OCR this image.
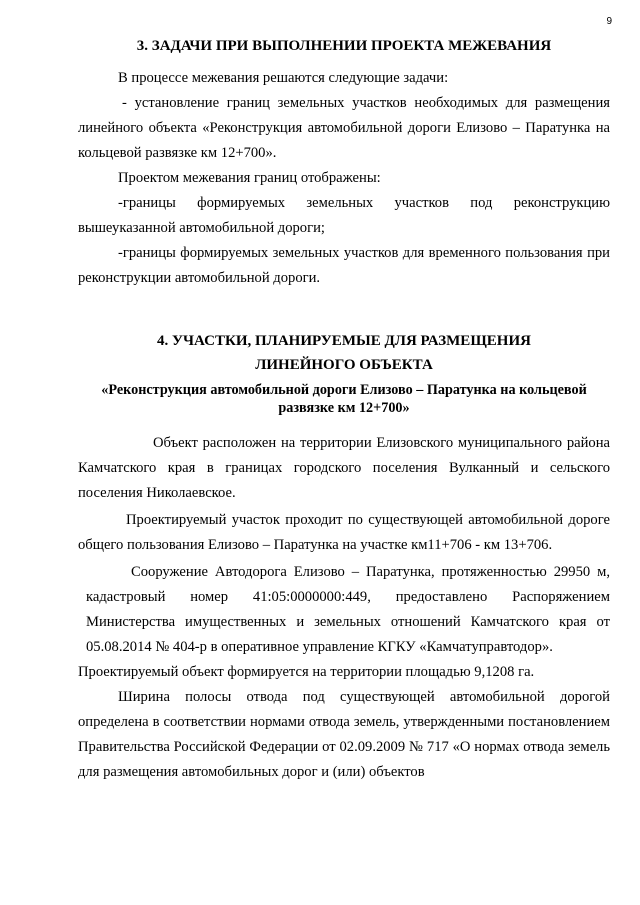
9
3. ЗАДАЧИ ПРИ ВЫПОЛНЕНИИ ПРОЕКТА МЕЖЕВАНИЯ

В процессе межевания решаются следующие задачи:

- установление границ земельных участков необходимых для размещения линейного объекта «Реконструкция автомобильной дороги Елизово – Паратунка на кольцевой развязке км 12+700».

Проектом межевания границ отображены:

-границы формируемых земельных участков под реконструкцию вышеуказанной автомобильной дороги;

-границы формируемых земельных участков для временного пользования при реконструкции автомобильной дороги.

4. УЧАСТКИ, ПЛАНИРУЕМЫЕ ДЛЯ РАЗМЕЩЕНИЯ
ЛИНЕЙНОГО ОБЪЕКТА
«Реконструкция автомобильной дороги Елизово – Паратунка на кольцевой развязке км 12+700»

Объект расположен на территории Елизовского муниципального района Камчатского края в границах городского поселения Вулканный и сельского поселения Николаевское.

Проектируемый участок проходит по существующей автомобильной дороге общего пользования Елизово – Паратунка на участке км11+706 - км 13+706.

Сооружение Автодорога Елизово – Паратунка, протяженностью 29950 м, кадастровый номер 41:05:0000000:449, предоставлено Распоряжением Министерства имущественных и земельных отношений Камчатского края от 05.08.2014 № 404-р в оперативное управление КГКУ «Камчатуправтодор».

Проектируемый объект формируется на территории площадью 9,1208 га.

Ширина полосы отвода под существующей автомобильной дорогой определена в соответствии нормами отвода земель, утвержденными постановлением Правительства Российской Федерации от 02.09.2009 № 717 «О нормах отвода земель для размещения автомобильных дорог и (или) объектов
